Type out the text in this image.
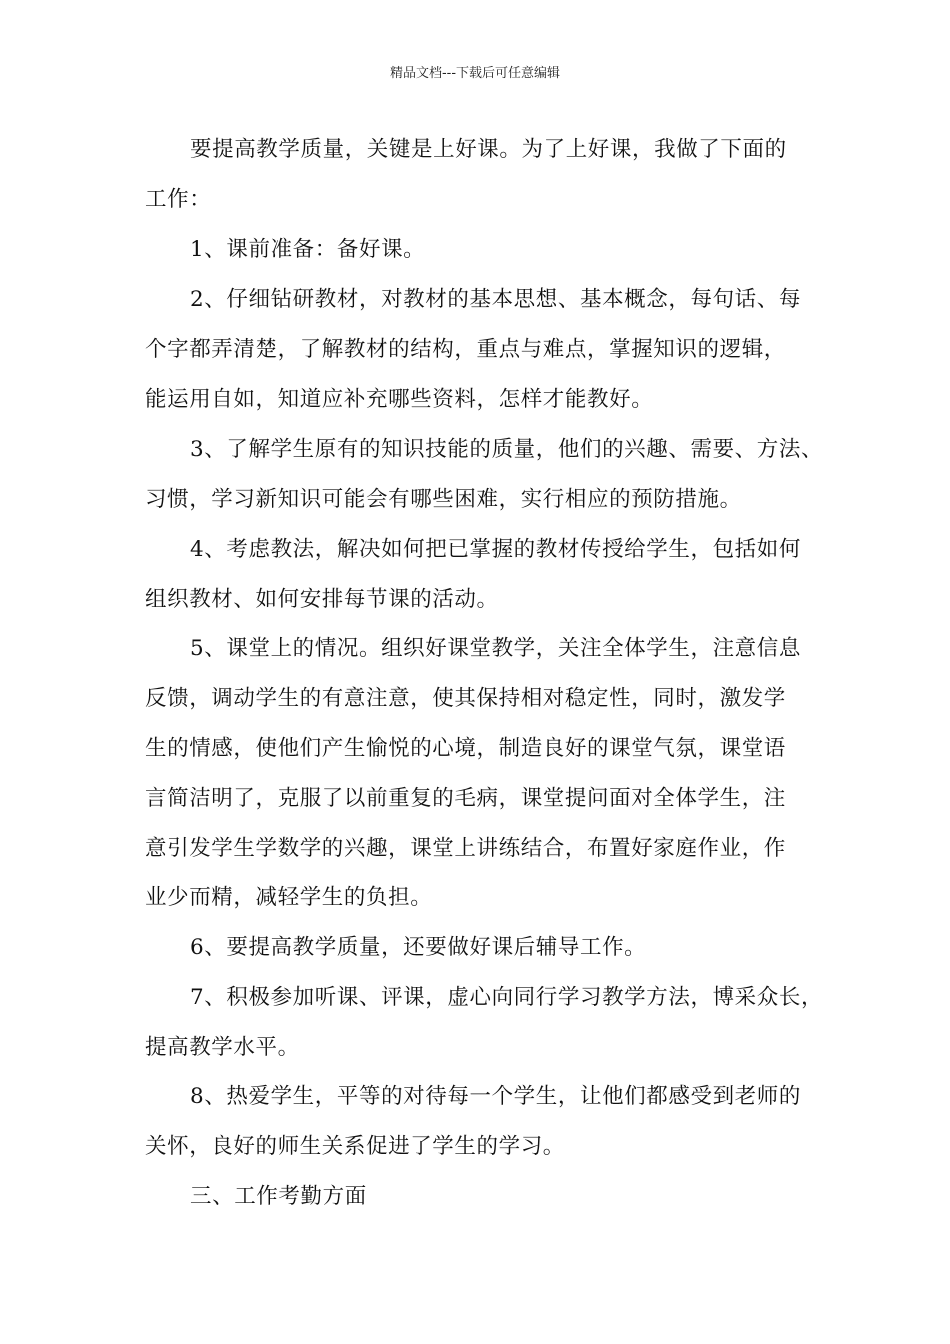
精品文档---下载后可任意编辑
要提高教学质量，关键是上好课。为了上好课，我做了下面的
工作：
1、课前准备：备好课。
2、仔细钻研教材，对教材的基本思想、基本概念，每句话、每
个字都弄清楚，了解教材的结构，重点与难点，掌握知识的逻辑，
能运用自如，知道应补充哪些资料，怎样才能教好。
3、了解学生原有的知识技能的质量，他们的兴趣、需要、方法、
习惯，学习新知识可能会有哪些困难，实行相应的预防措施。
4、考虑教法，解决如何把已掌握的教材传授给学生，包括如何
组织教材、如何安排每节课的活动。
5、课堂上的情况。组织好课堂教学，关注全体学生，注意信息
反馈，调动学生的有意注意，使其保持相对稳定性，同时，激发学
生的情感，使他们产生愉悦的心境，制造良好的课堂气氛，课堂语
言简洁明了，克服了以前重复的毛病，课堂提问面对全体学生，注
意引发学生学数学的兴趣，课堂上讲练结合，布置好家庭作业，作
业少而精，减轻学生的负担。
6、要提高教学质量，还要做好课后辅导工作。
7、积极参加听课、评课，虚心向同行学习教学方法，博采众长，
提高教学水平。
8、热爱学生，平等的对待每一个学生，让他们都感受到老师的
关怀，良好的师生关系促进了学生的学习。
三、工作考勤方面
